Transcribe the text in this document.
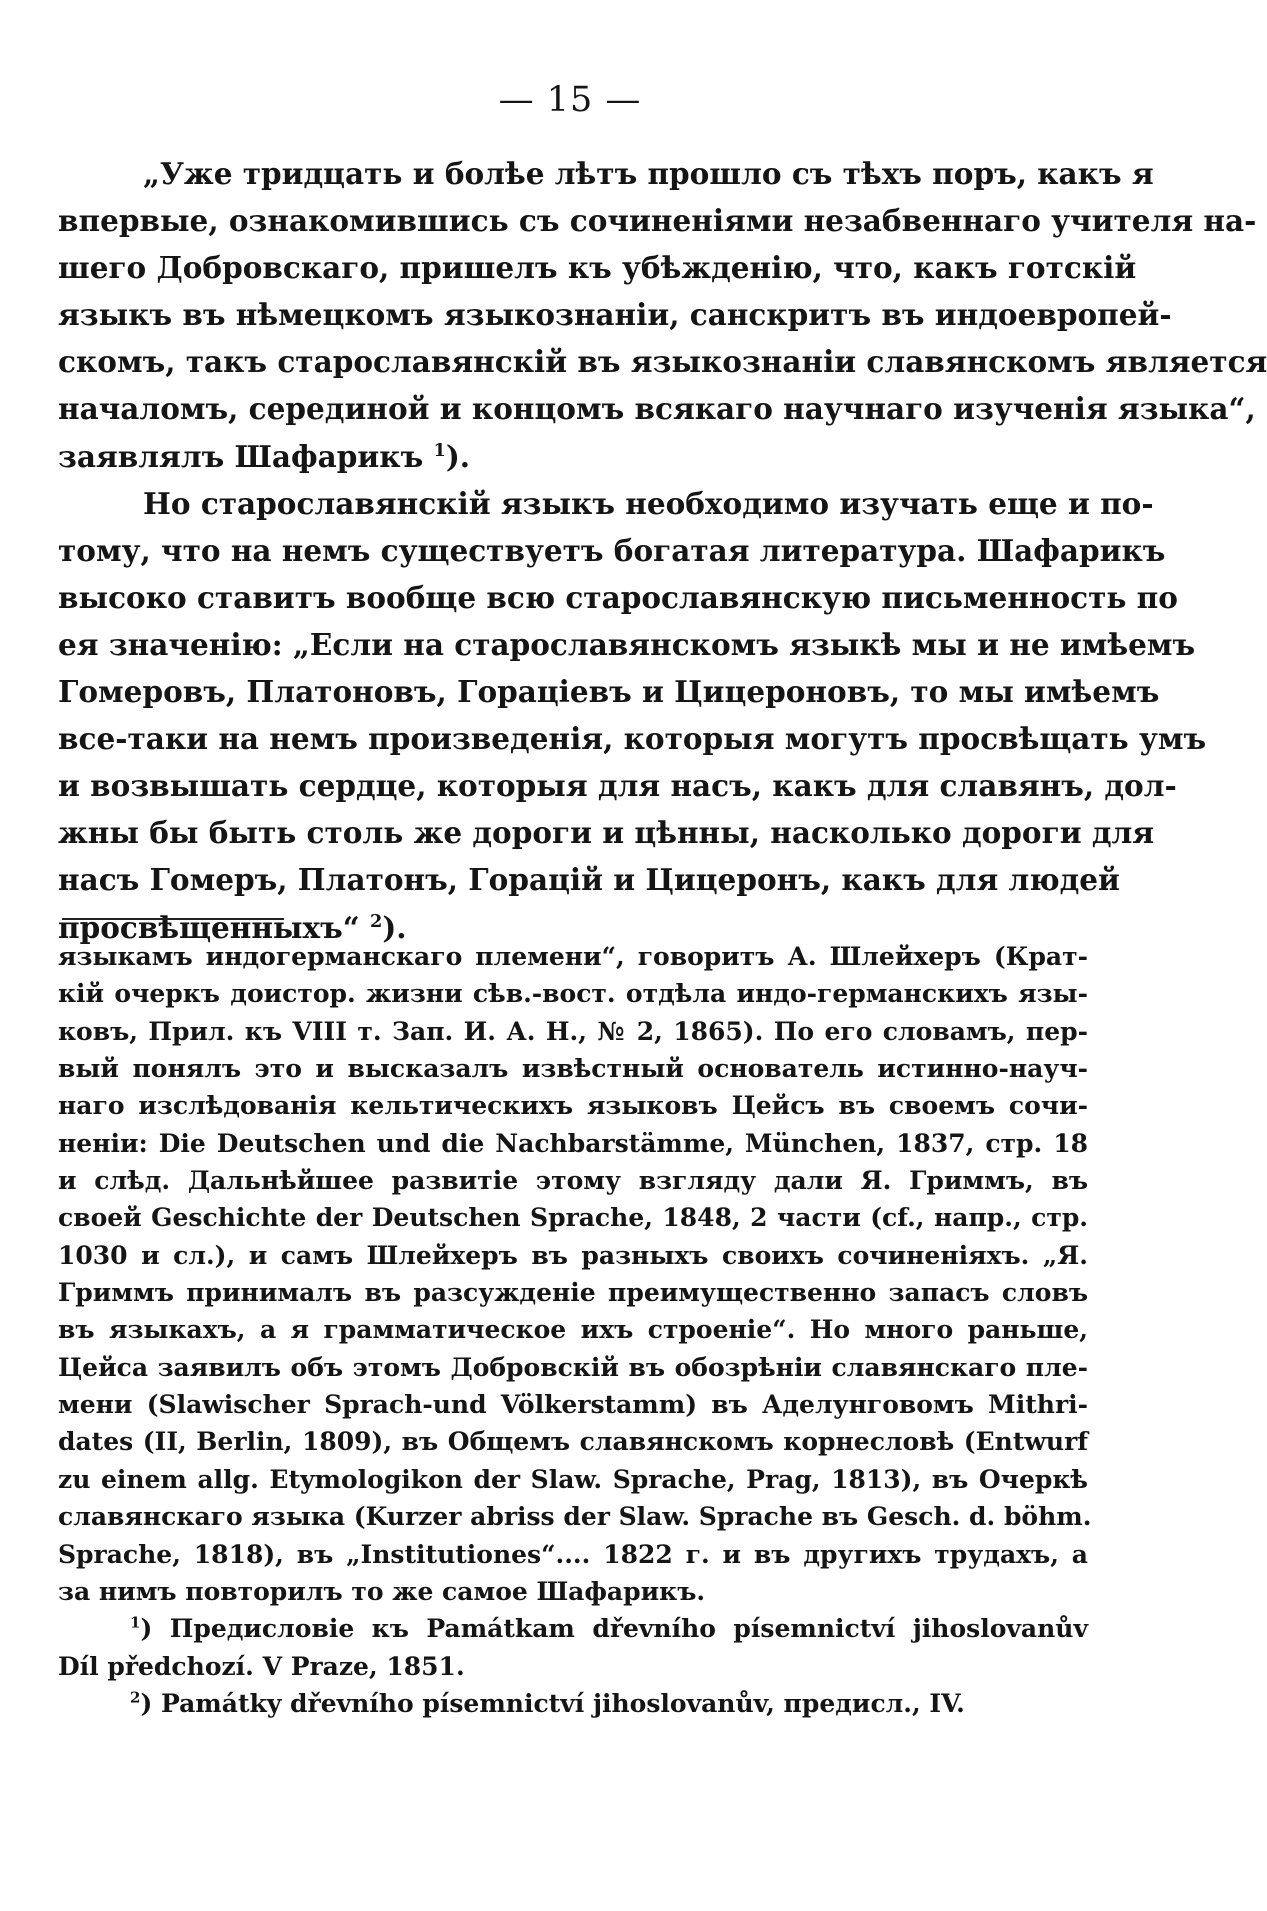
— 15 —
„Уже тридцать и болѣе лѣтъ прошло съ тѣхъ поръ, какъ я
впервые, ознакомившись съ сочиненіями незабвеннаго учителя на-
шего Добровскаго, пришелъ къ убѣжденію, что, какъ готскій
языкъ въ нѣмецкомъ языкознаніи, санскритъ въ индоевропей-
скомъ, такъ старославянскій въ языкознаніи славянскомъ является
началомъ, серединой и концомъ всякаго научнаго изученія языка“,
заявлялъ Шафарикъ $^1$).
Но старославянскій языкъ необходимо изучать еще и по-
тому, что на немъ существуетъ богатая литература. Шафарикъ
высоко ставитъ вообще всю старославянскую письменность по
ея значенію: „Если на старославянскомъ языкѣ мы и не имѣемъ
Гомеровъ, Платоновъ, Горацiевъ и Цицероновъ, то мы имѣемъ
все-таки на немъ произведенія, которыя могутъ просвѣщать умъ
и возвышать сердце, которыя для насъ, какъ для славянъ, дол-
жны бы быть столь же дороги и цѣнны, насколько дороги для
насъ Гомеръ, Платонъ, Горацій и Цицеронъ, какъ для людей
просвѣщенныхъ“ $^2$).
языкамъ индогерманскаго племени“, говоритъ А. Шлейхеръ (Крат-
кій очеркъ доистор. жизни сѣв.-вост. отдѣла индо-германскихъ язы-
ковъ, Прил. къ VIII т. Зап. И. А. Н., № 2, 1865). По его словамъ, пер-
вый понялъ это и высказалъ извѣстный основатель истинно-науч-
наго изслѣдованія кельтическихъ языковъ Цейсъ въ своемъ сочи-
неніи: Die Deutschen und die Nachbarstämme, München, 1837, стр. 18
и слѣд. Дальнѣйшее развитіе этому взгляду дали Я. Гриммъ, въ
своей Geschichte der Deutschen Sprache, 1848, 2 части (cf., напр., стр.
1030 и сл.), и самъ Шлейхеръ въ разныхъ своихъ сочиненіяхъ. „Я.
Гриммъ принималъ въ разсужденіе преимущественно запасъ словъ
въ языкахъ, а я грамматическое ихъ строеніе“. Но много раньше,
Цейса заявилъ объ этомъ Добровскій въ обозрѣніи славянскаго пле-
мени (Slawischer Sprach-und Völkerstamm) въ Аделунговомъ Mithri-
dates (II, Berlin, 1809), въ Общемъ славянскомъ корнесловѣ (Entwurf
zu einem allg. Etymologikon der Slaw. Sprache, Prag, 1813), въ Очеркѣ
славянскаго языка (Kurzer abriss der Slaw. Sprache въ Gesch. d. böhm.
Sprache, 1818), въ „Institutiones“.... 1822 г. и въ другихъ трудахъ, а
за нимъ повторилъ то же самое Шафарикъ.
$^1$) Предисловіе къ Památkam dřevního písemnictví jihoslovanův
Díl předchozí. V Praze, 1851.
$^2$) Památky dřevního písemnictví jihoslovanův, предисл., IV.
